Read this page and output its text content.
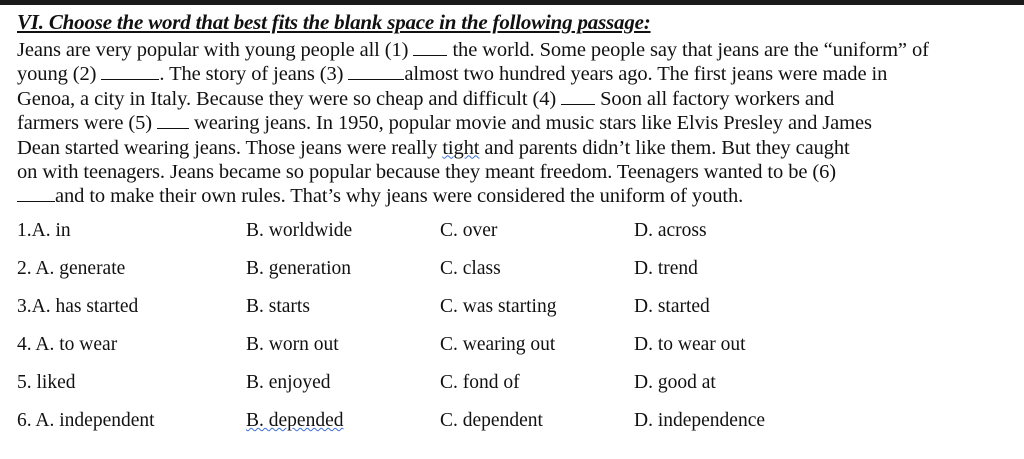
VI. Choose the word that best fits the blank space in the following passage:
Jeans are very popular with young people all (1)  the world. Some people say that jeans are the “uniform” of
young (2)	. The story of jeans (3)	almost two hundred years ago. The first jeans were made in
Genoa, a city in Italy. Because they were so cheap and difficult (4)  Soon all factory workers and
farmers were (5)  wearing jeans. In 1950, popular movie and music stars like Elvis Presley and James
Dean started wearing jeans. Those jeans were really tight and parents didn’t like them. But they caught
on with teenagers. Jeans became so popular because they meant freedom. Teenagers wanted to be (6)
and to make their own rules. That’s why jeans were considered the uniform of youth.
1.A. in	B. worldwide	C. over	D. across
2. A. generate	B. generation	C. class	D. trend
3.A. has started	B. starts	C. was starting	D. started
4. A. to wear	B. worn out	C. wearing out	D. to wear out
5. liked	B. enjoyed	C. fond of	D. good at
6. A. independent	B. depended	C. dependent	D. independence
